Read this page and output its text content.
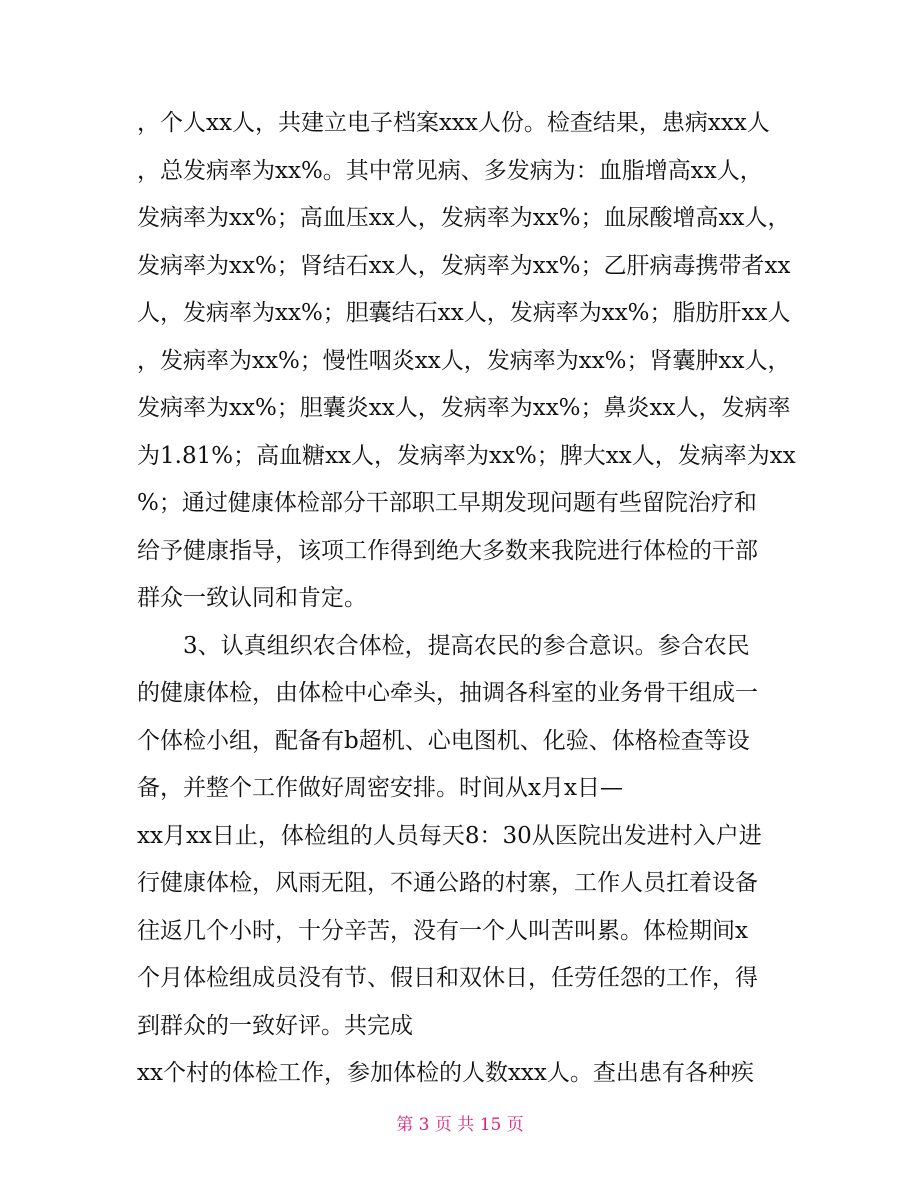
，个人xx人，共建立电子档案xxx人份。检查结果，患病xxx人
，总发病率为xx%。其中常见病、多发病为：血脂增高xx人，
发病率为xx%；高血压xx人，发病率为xx%；血尿酸增高xx人，
发病率为xx%；肾结石xx人，发病率为xx%；乙肝病毒携带者xx
人，发病率为xx%；胆囊结石xx人，发病率为xx%；脂肪肝xx人
，发病率为xx%；慢性咽炎xx人，发病率为xx%；肾囊肿xx人，
发病率为xx%；胆囊炎xx人，发病率为xx%；鼻炎xx人，发病率
为1.81%；高血糖xx人，发病率为xx%；脾大xx人，发病率为xx
%；通过健康体检部分干部职工早期发现问题有些留院治疗和
给予健康指导，该项工作得到绝大多数来我院进行体检的干部
群众一致认同和肯定。
　　3、认真组织农合体检，提高农民的参合意识。参合农民
的健康体检，由体检中心牵头，抽调各科室的业务骨干组成一
个体检小组，配备有b超机、心电图机、化验、体格检查等设
备，并整个工作做好周密安排。时间从x月x日—
xx月xx日止，体检组的人员每天8：30从医院出发进村入户进
行健康体检，风雨无阻，不通公路的村寨，工作人员扛着设备
往返几个小时，十分辛苦，没有一个人叫苦叫累。体检期间x
个月体检组成员没有节、假日和双休日，任劳任怨的工作，得
到群众的一致好评。共完成
xx个村的体检工作，参加体检的人数xxx人。查出患有各种疾
第 3 页 共 15 页
